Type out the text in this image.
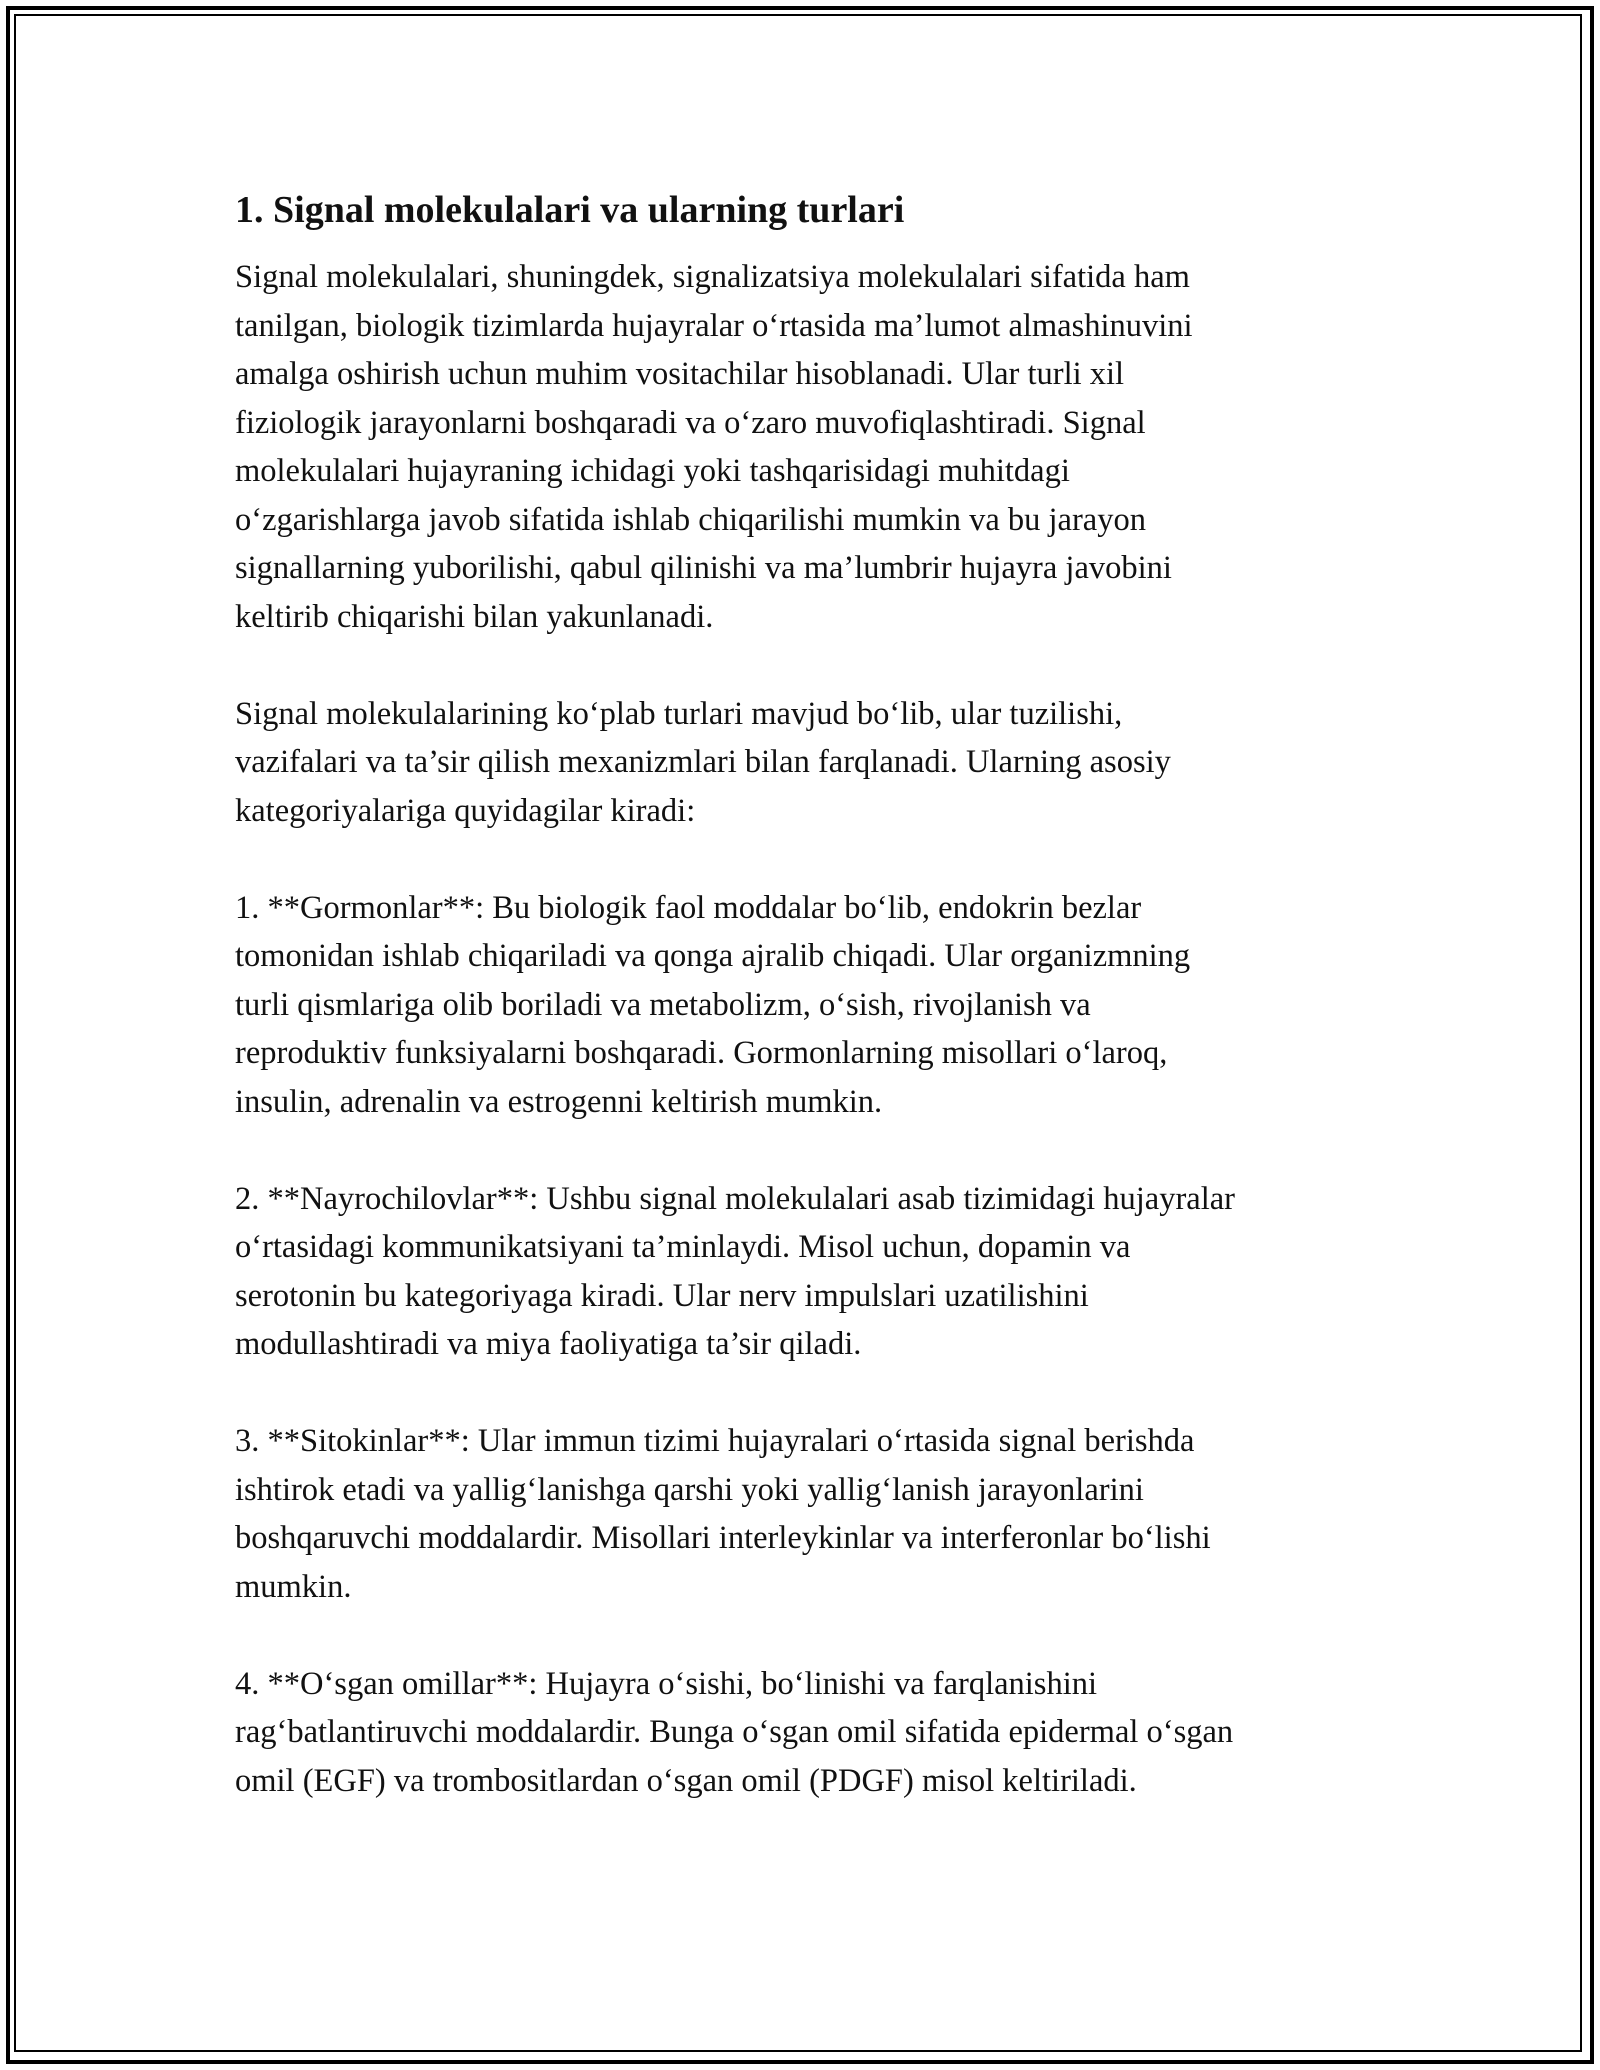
1. Signal molekulalari va ularning turlari

Signal molekulalari, shuningdek, signalizatsiya molekulalari sifatida ham
tanilgan, biologik tizimlarda hujayralar o‘rtasida ma’lumot almashinuvini
amalga oshirish uchun muhim vositachilar hisoblanadi. Ular turli xil
fiziologik jarayonlarni boshqaradi va o‘zaro muvofiqlashtiradi. Signal
molekulalari hujayraning ichidagi yoki tashqarisidagi muhitdagi
o‘zgarishlarga javob sifatida ishlab chiqarilishi mumkin va bu jarayon
signallarning yuborilishi, qabul qilinishi va ma’lumbrir hujayra javobini
keltirib chiqarishi bilan yakunlanadi.

Signal molekulalarining ko‘plab turlari mavjud bo‘lib, ular tuzilishi,
vazifalari va ta’sir qilish mexanizmlari bilan farqlanadi. Ularning asosiy
kategoriyalariga quyidagilar kiradi:

1. **Gormonlar**: Bu biologik faol moddalar bo‘lib, endokrin bezlar
tomonidan ishlab chiqariladi va qonga ajralib chiqadi. Ular organizmning
turli qismlariga olib boriladi va metabolizm, o‘sish, rivojlanish va
reproduktiv funksiyalarni boshqaradi. Gormonlarning misollari o‘laroq,
insulin, adrenalin va estrogenni keltirish mumkin.

2. **Nayrochilovlar**: Ushbu signal molekulalari asab tizimidagi hujayralar
o‘rtasidagi kommunikatsiyani ta’minlaydi. Misol uchun, dopamin va
serotonin bu kategoriyaga kiradi. Ular nerv impulslari uzatilishini
modullashtiradi va miya faoliyatiga ta’sir qiladi.

3. **Sitokinlar**: Ular immun tizimi hujayralari o‘rtasida signal berishda
ishtirok etadi va yallig‘lanishga qarshi yoki yallig‘lanish jarayonlarini
boshqaruvchi moddalardir. Misollari interleykinlar va interferonlar bo‘lishi
mumkin.

4. **O‘sgan omillar**: Hujayra o‘sishi, bo‘linishi va farqlanishini
rag‘batlantiruvchi moddalardir. Bunga o‘sgan omil sifatida epidermal o‘sgan
omil (EGF) va trombositlardan o‘sgan omil (PDGF) misol keltiriladi.
